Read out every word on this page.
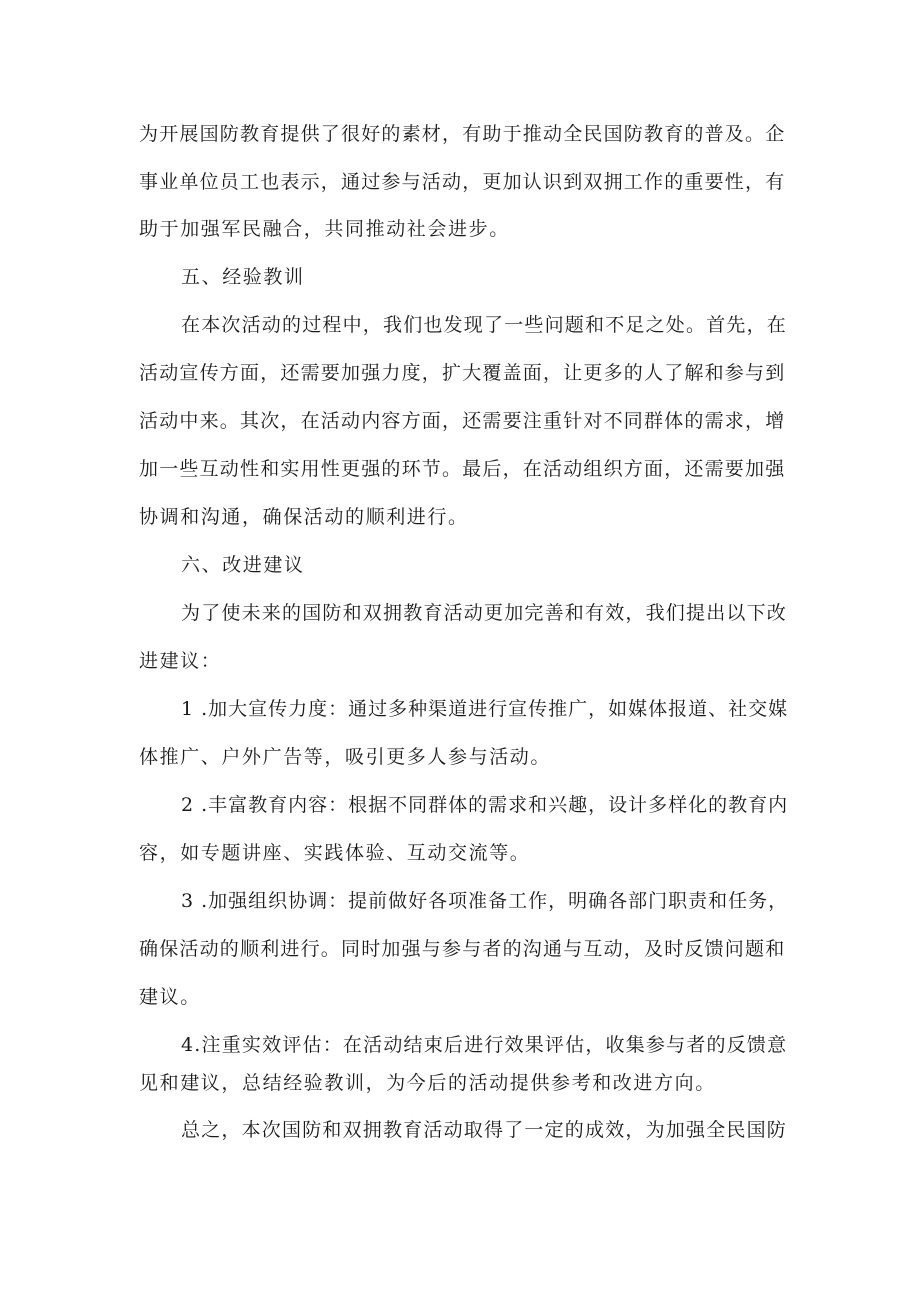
为开展国防教育提供了很好的素材，有助于推动全民国防教育的普及。企
事业单位员工也表示，通过参与活动，更加认识到双拥工作的重要性，有
助于加强军民融合，共同推动社会进步。
五、经验教训
在本次活动的过程中，我们也发现了一些问题和不足之处。首先，在
活动宣传方面，还需要加强力度，扩大覆盖面，让更多的人了解和参与到
活动中来。其次，在活动内容方面，还需要注重针对不同群体的需求，增
加一些互动性和实用性更强的环节。最后，在活动组织方面，还需要加强
协调和沟通，确保活动的顺利进行。
六、改进建议
为了使未来的国防和双拥教育活动更加完善和有效，我们提出以下改
进建议：
1 .加大宣传力度：通过多种渠道进行宣传推广，如媒体报道、社交媒
体推广、户外广告等，吸引更多人参与活动。
2 .丰富教育内容：根据不同群体的需求和兴趣，设计多样化的教育内
容，如专题讲座、实践体验、互动交流等。
3 .加强组织协调：提前做好各项准备工作，明确各部门职责和任务，
确保活动的顺利进行。同时加强与参与者的沟通与互动，及时反馈问题和
建议。
4.注重实效评估：在活动结束后进行效果评估，收集参与者的反馈意
见和建议，总结经验教训，为今后的活动提供参考和改进方向。
总之，本次国防和双拥教育活动取得了一定的成效，为加强全民国防
